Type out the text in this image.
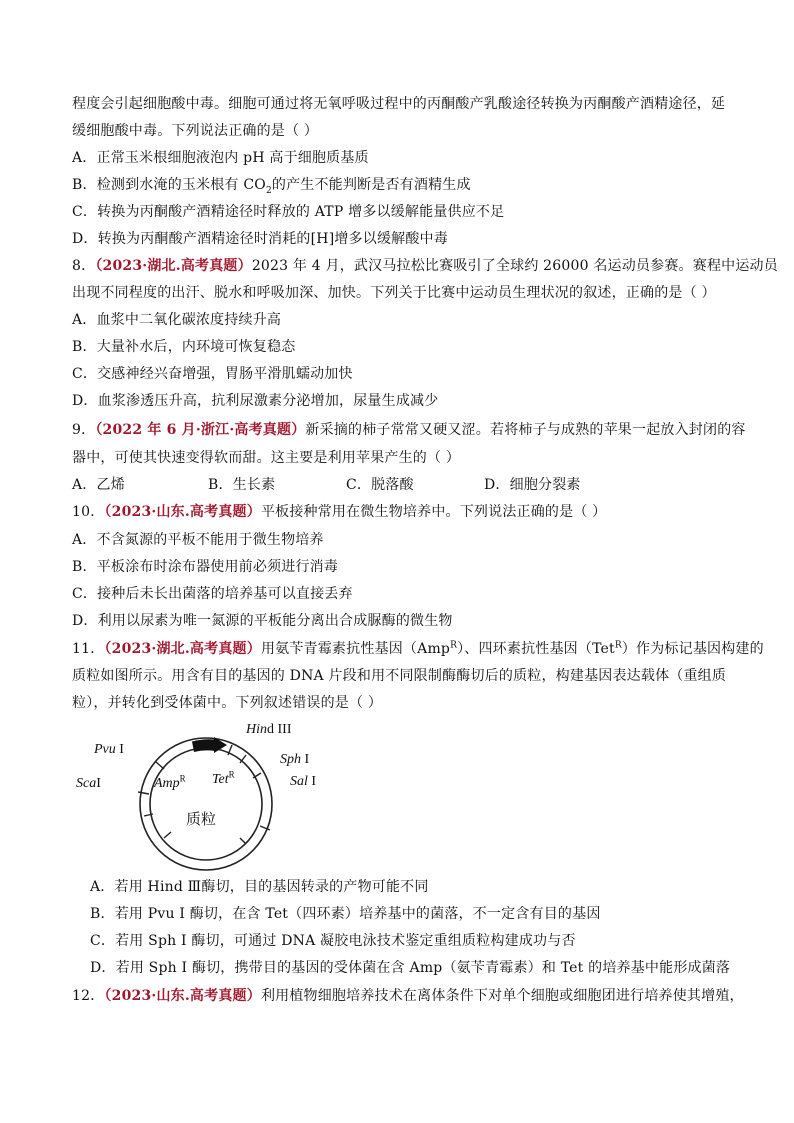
程度会引起细胞酸中毒。细胞可通过将无氧呼吸过程中的丙酮酸产乳酸途径转换为丙酮酸产酒精途径，延
缓细胞酸中毒。下列说法正确的是（ ）
A．正常玉米根细胞液泡内 pH 高于细胞质基质
B．检测到水淹的玉米根有 $CO_2$的产生不能判断是否有酒精生成
C．转换为丙酮酸产酒精途径时释放的 ATP 增多以缓解能量供应不足
D．转换为丙酮酸产酒精途径时消耗的[H]增多以缓解酸中毒
8．（2023·湖北.高考真题）2023 年 4 月，武汉马拉松比赛吸引了全球约 26000 名运动员参赛。赛程中运动员
出现不同程度的出汗、脱水和呼吸加深、加快。下列关于比赛中运动员生理状况的叙述，正确的是（ ）
A．血浆中二氧化碳浓度持续升高
B．大量补水后，内环境可恢复稳态
C．交感神经兴奋增强，胃肠平滑肌蠕动加快
D．血浆渗透压升高，抗利尿激素分泌增加，尿量生成减少
9．（2022 年 6 月·浙江·高考真题）新采摘的柿子常常又硬又涩。若将柿子与成熟的苹果一起放入封闭的容
器中，可使其快速变得软而甜。这主要是利用苹果产生的（ ）
A．乙烯	B．生长素	C．脱落酸	D．细胞分裂素
10．（2023·山东.高考真题）平板接种常用在微生物培养中。下列说法正确的是（ ）
A．不含氮源的平板不能用于微生物培养
B．平板涂布时涂布器使用前必须进行消毒
C．接种后未长出菌落的培养基可以直接丢弃
D．利用以尿素为唯一氮源的平板能分离出合成脲酶的微生物
11．（2023·湖北.高考真题）用氨苄青霉素抗性基因（Amp$^R$）、四环素抗性基因（Tet$^R$）作为标记基因构建的
质粒如图所示。用含有目的基因的 DNA 片段和用不同限制酶酶切后的质粒，构建基因表达载体（重组质
粒），并转化到受体菌中。下列叙述错误的是（ ）
Pvu I
ScaI
Hind III
Sph I
Sal I
Amp$^R$ Tet$^R$
质粒
A．若用 Hind Ⅲ酶切，目的基因转录的产物可能不同
B．若用 Pvu I 酶切，在含 Tet（四环素）培养基中的菌落，不一定含有目的基因
C．若用 Sph I 酶切，可通过 DNA 凝胶电泳技术鉴定重组质粒构建成功与否
D．若用 Sph I 酶切，携带目的基因的受体菌在含 Amp（氨苄青霉素）和 Tet 的培养基中能形成菌落
12．（2023·山东.高考真题）利用植物细胞培养技术在离体条件下对单个细胞或细胞团进行培养使其增殖，
